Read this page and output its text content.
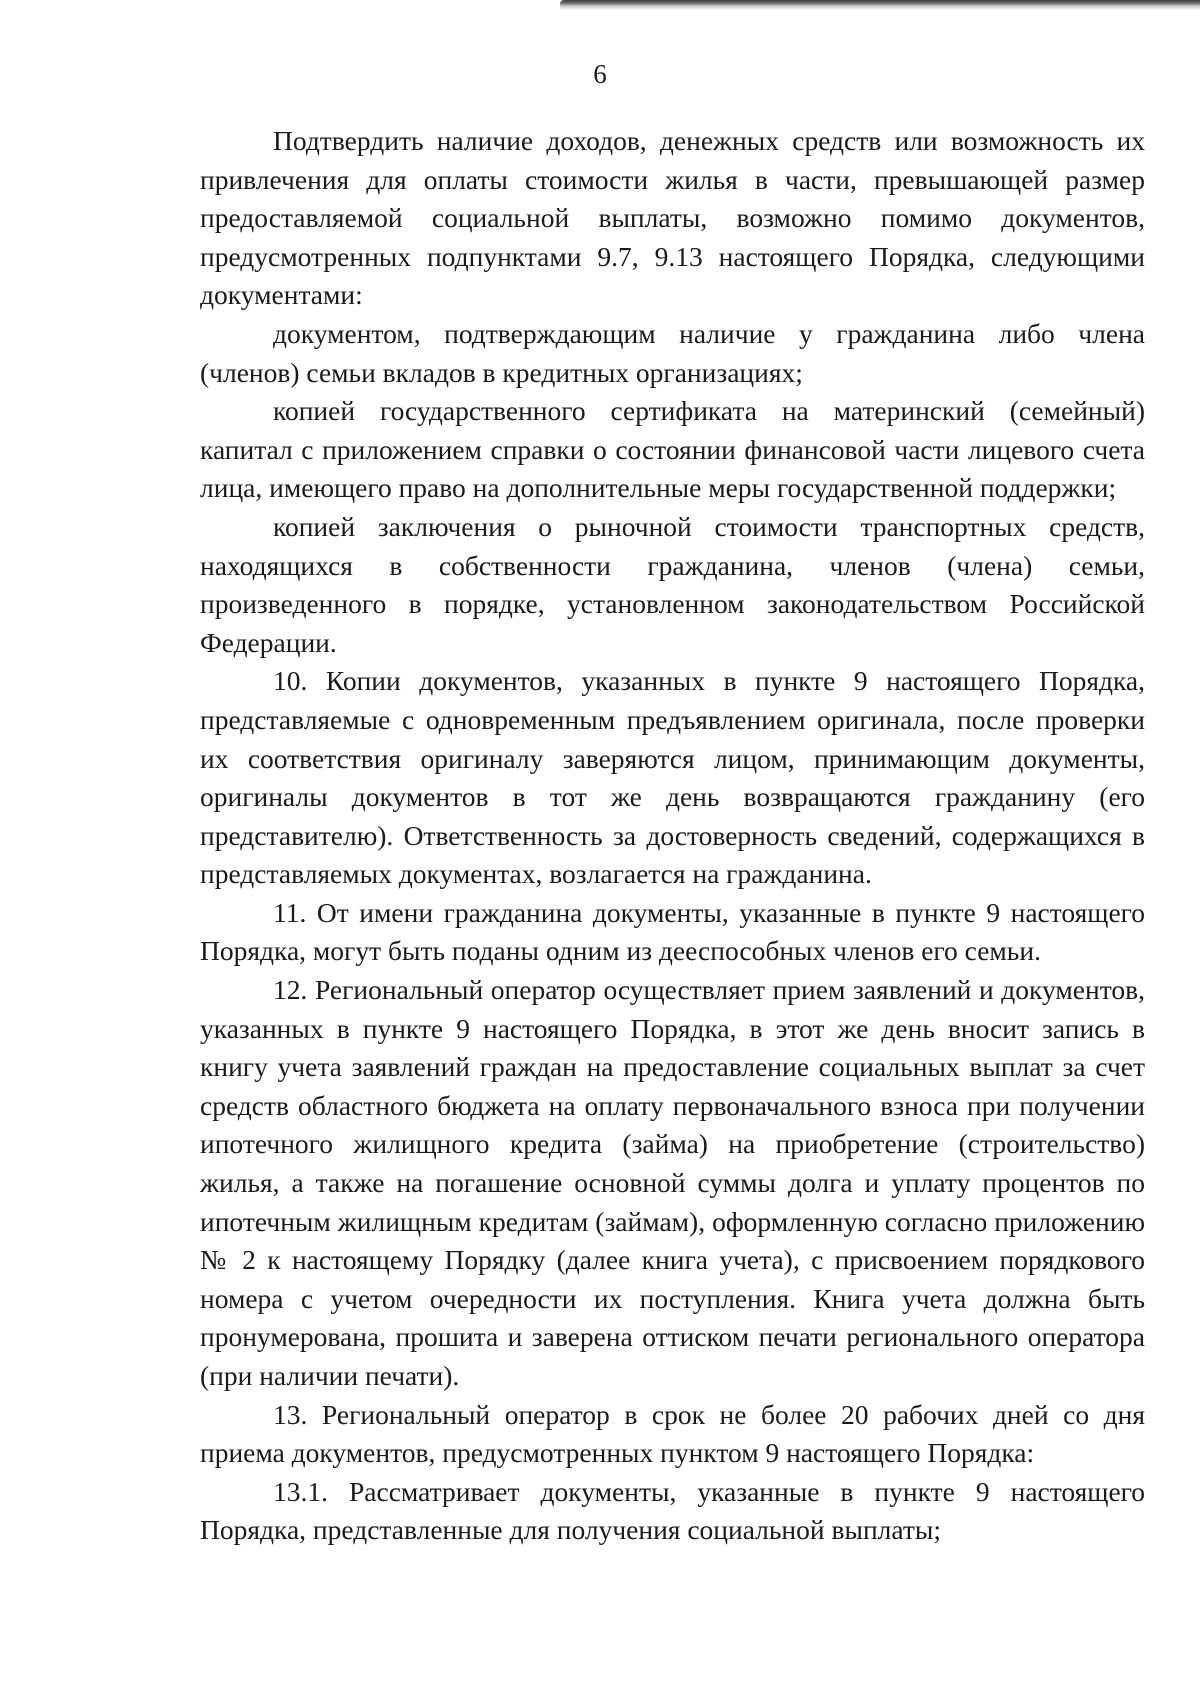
6

Подтвердить наличие доходов, денежных средств или возможность их привлечения для оплаты стоимости жилья в части, превышающей размер предоставляемой социальной выплаты, возможно помимо документов, предусмотренных подпунктами 9.7, 9.13 настоящего Порядка, следующими документами:

документом, подтверждающим наличие у гражданина либо члена (членов) семьи вкладов в кредитных организациях;

копией государственного сертификата на материнский (семейный) капитал с приложением справки о состоянии финансовой части лицевого счета лица, имеющего право на дополнительные меры государственной поддержки;

копией заключения о рыночной стоимости транспортных средств, находящихся в собственности гражданина, членов (члена) семьи, произведенного в порядке, установленном законодательством Российской Федерации.

10. Копии документов, указанных в пункте 9 настоящего Порядка, представляемые с одновременным предъявлением оригинала, после проверки их соответствия оригиналу заверяются лицом, принимающим документы, оригиналы документов в тот же день возвращаются гражданину (его представителю). Ответственность за достоверность сведений, содержащихся в представляемых документах, возлагается на гражданина.

11. От имени гражданина документы, указанные в пункте 9 настоящего Порядка, могут быть поданы одним из дееспособных членов его семьи.

12. Региональный оператор осуществляет прием заявлений и документов, указанных в пункте 9 настоящего Порядка, в этот же день вносит запись в книгу учета заявлений граждан на предоставление социальных выплат за счет средств областного бюджета на оплату первоначального взноса при получении ипотечного жилищного кредита (займа) на приобретение (строительство) жилья, а также на погашение основной суммы долга и уплату процентов по ипотечным жилищным кредитам (займам), оформленную согласно приложению № 2 к настоящему Порядку (далее книга учета), с присвоением порядкового номера с учетом очередности их поступления. Книга учета должна быть пронумерована, прошита и заверена оттиском печати регионального оператора (при наличии печати).

13. Региональный оператор в срок не более 20 рабочих дней со дня приема документов, предусмотренных пунктом 9 настоящего Порядка:

13.1. Рассматривает документы, указанные в пункте 9 настоящего Порядка, представленные для получения социальной выплаты;
